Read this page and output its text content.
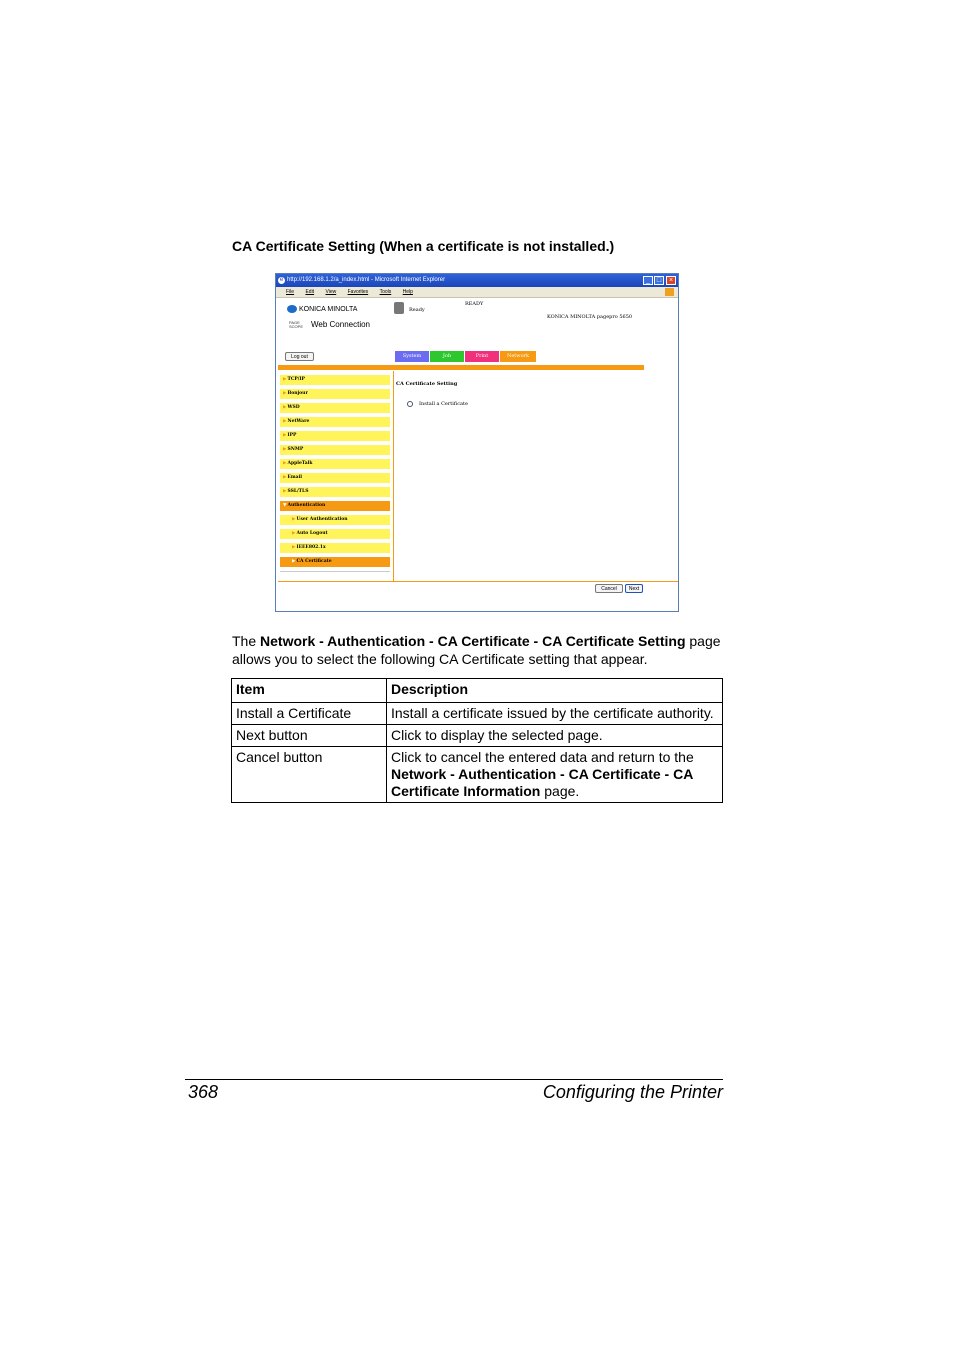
CA Certificate Setting (When a certificate is not installed.)
e http://192.168.1.2/a_index.html - Microsoft Internet Explorer	_ □	×
File Edit View Favorites Tools Help
KONICA MINOLTA
PAGE SCOPE Web Connection
Ready
READY
KONICA MINOLTA pagepro 5650
Log out	System	Job	Print	Network
▶TCP/IP
▶Bonjour
▶WSD
▶NetWare
▶IPP
▶SNMP
▶AppleTalk
▶Email
▶SSL/TLS
▼Authentication
▶User Authentication
▶Auto Logout
▶IEEE802.1x
▶CA Certificate
CA Certificate Setting
Install a Certificate
Cancel	Next
The Network - Authentication - CA Certificate - CA Certificate Setting page allows you to select the following CA Certificate setting that appear.
Item	Description
Install a Certificate	Install a certificate issued by the certificate authority.
Next button	Click to display the selected page.
Cancel button	Click to cancel the entered data and return to the Network - Authentication - CA Certificate - CA Certificate Information page.
368	Configuring the Printer
